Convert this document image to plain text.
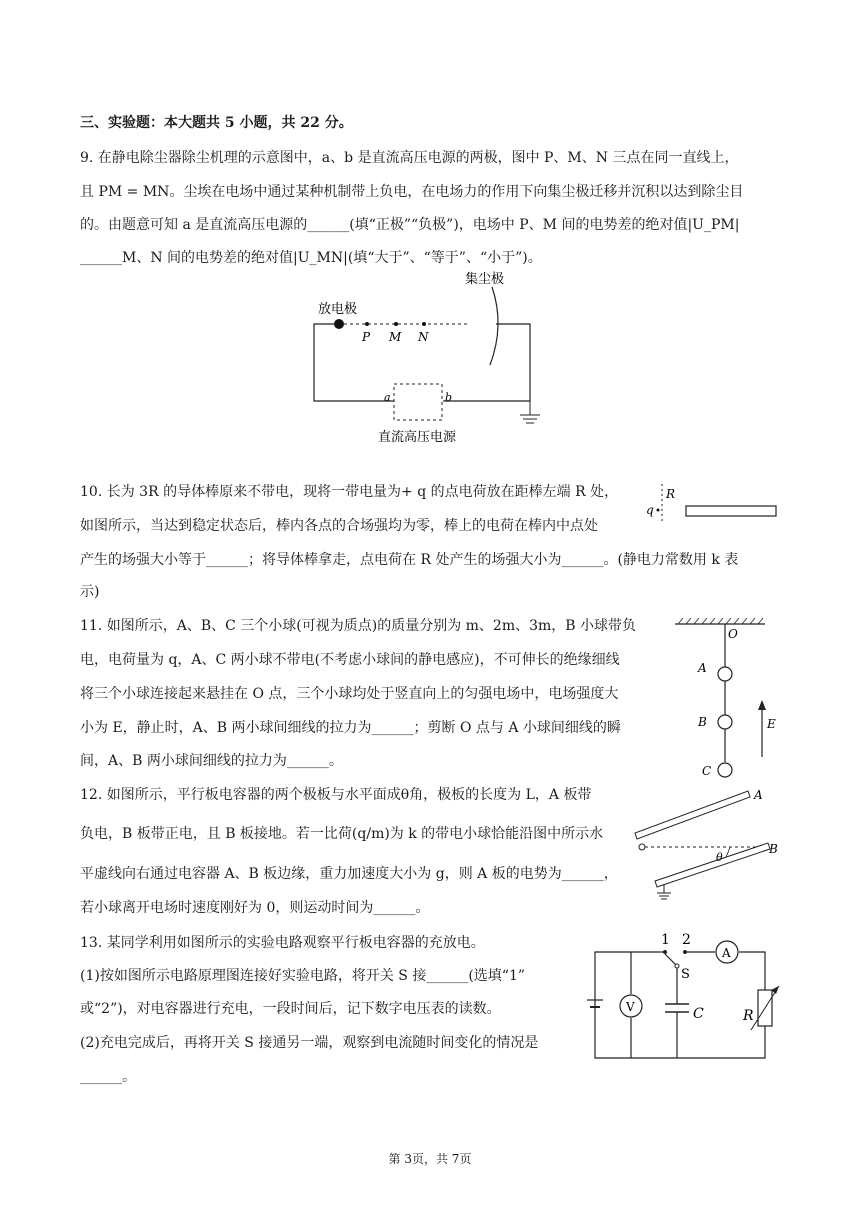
三、实验题：本大题共 5 小题，共 22 分。
9. 在静电除尘器除尘机理的示意图中，a、b 是直流高压电源的两极，图中 P、M、N 三点在同一直线上，
且 PM = MN。尘埃在电场中通过某种机制带上负电，在电场力的作用下向集尘极迁移并沉积以达到除尘目
的。由题意可知 a 是直流高压电源的______(填“正极”“负极”)，电场中 P、M 间的电势差的绝对值|U_PM|
______M、N 间的电势差的绝对值|U_MN|(填“大于”、“等于”、“小于”)。
集尘极
放电极
P M N
a	b
直流高压电源
10. 长为 3R 的导体棒原来不带电，现将一带电量为+ q 的点电荷放在距棒左端 R 处，
如图所示，当达到稳定状态后，棒内各点的合场强均为零，棒上的电荷在棒内中点处
产生的场强大小等于______；将导体棒拿走，点电荷在 R 处产生的场强大小为______。(静电力常数用 k 表
示)
R
q
11. 如图所示，A、B、C 三个小球(可视为质点)的质量分别为 m、2m、3m，B 小球带负
电，电荷量为 q，A、C 两小球不带电(不考虑小球间的静电感应)，不可伸长的绝缘细线
将三个小球连接起来悬挂在 O 点，三个小球均处于竖直向上的匀强电场中，电场强度大
小为 E，静止时，A、B 两小球间细线的拉力为______；剪断 O 点与 A 小球间细线的瞬
间，A、B 两小球间细线的拉力为______。
O
A
B
C
E
12. 如图所示，平行板电容器的两个极板与水平面成θ角，极板的长度为 L，A 板带
负电，B 板带正电，且 B 板接地。若一比荷(q/m)为 k 的带电小球恰能沿图中所示水
平虚线向右通过电容器 A、B 板边缘，重力加速度大小为 g，则 A 板的电势为______，
若小球离开电场时速度刚好为 0，则运动时间为______。
A
B
θ
13. 某同学利用如图所示的实验电路观察平行板电容器的充放电。
(1)按如图所示电路原理图连接好实验电路，将开关 S 接______(选填“1”
或“2”)，对电容器进行充电，一段时间后，记下数字电压表的读数。
(2)充电完成后，再将开关 S 接通另一端，观察到电流随时间变化的情况是
______。
1 2
A
S
C
V
R
第 3页，共 7页
